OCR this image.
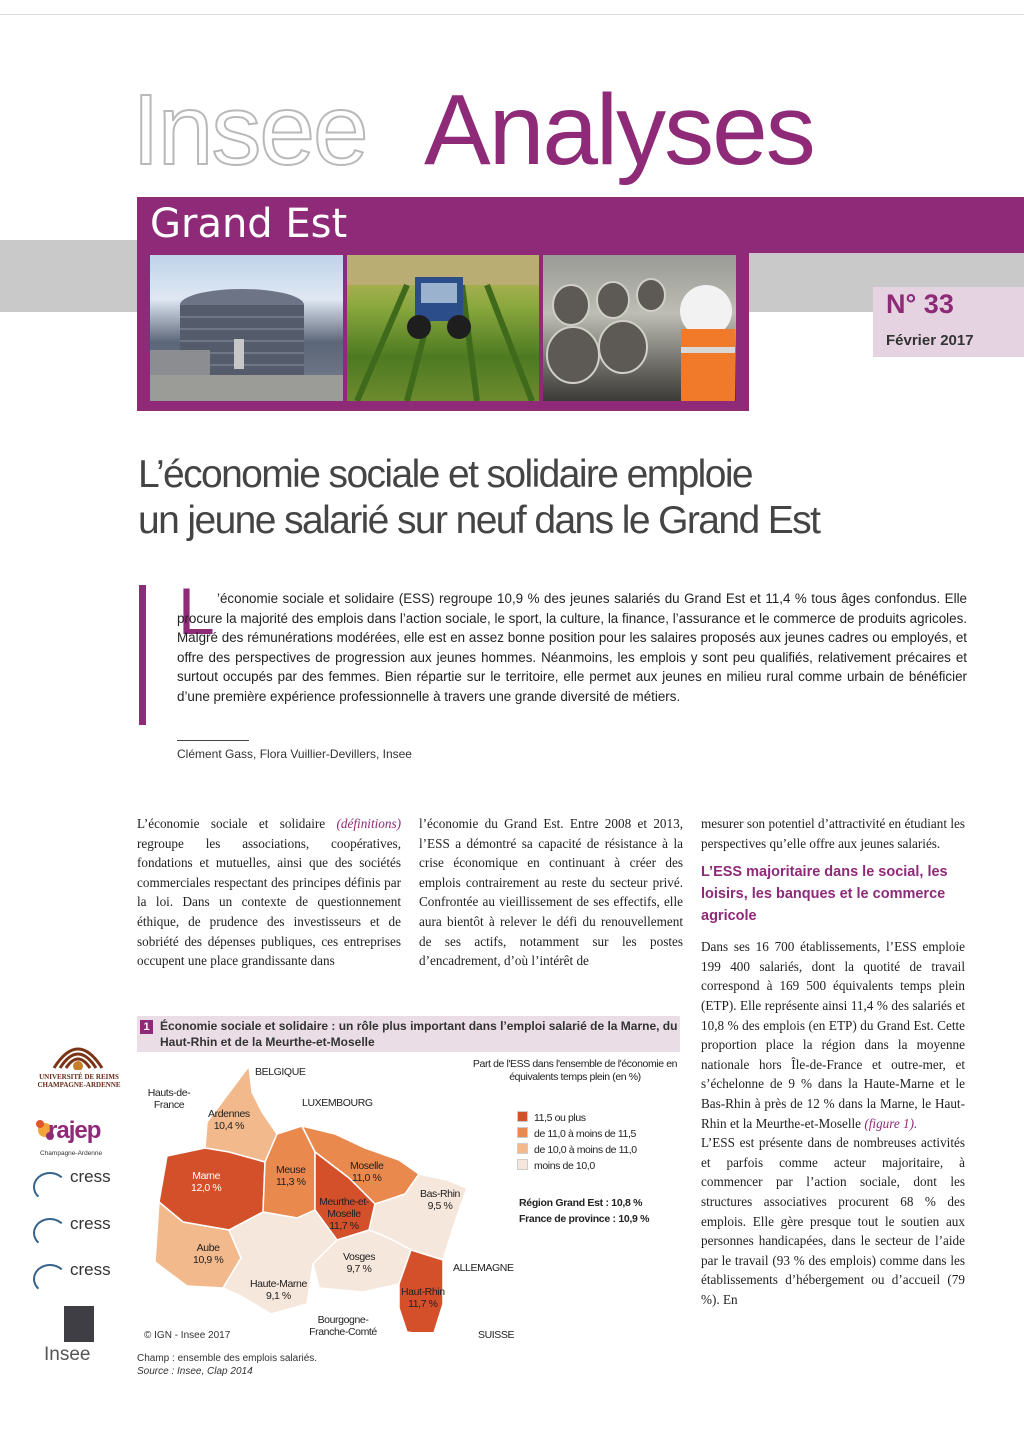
Insee Analyses
Grand Est
N° 33
Février 2017
L’économie sociale et solidaire emploie
un jeune salarié sur neuf dans le Grand Est
L ’économie sociale et solidaire (ESS) regroupe 10,9 % des jeunes salariés du Grand Est et 11,4 % tous âges confondus. Elle procure la majorité des emplois dans l’action sociale, le sport, la culture, la finance, l’assurance et le commerce de produits agricoles. Malgré des rémunérations modérées, elle est en assez bonne position pour les salaires proposés aux jeunes cadres ou employés, et offre des perspectives de progression aux jeunes hommes. Néanmoins, les emplois y sont peu qualifiés, relativement précaires et surtout occupés par des femmes. Bien répartie sur le territoire, elle permet aux jeunes en milieu rural comme urbain de bénéficier d’une première expérience professionnelle à travers une grande diversité de métiers.
Clément Gass, Flora Vuillier-Devillers, Insee

L’économie sociale et solidaire (définitions) regroupe les associations, coopératives, fondations et mutuelles, ainsi que des sociétés commerciales respectant des principes définis par la loi. Dans un contexte de questionnement éthique, de prudence des investisseurs et de sobriété des dépenses publiques, ces entreprises occupent une place grandissante dans

l’économie du Grand Est. Entre 2008 et 2013, l’ESS a démontré sa capacité de résistance à la crise économique en continuant à créer des emplois contrairement au reste du secteur privé. Confrontée au vieillissement de ses effectifs, elle aura bientôt à relever le défi du renouvellement de ses actifs, notamment sur les postes d’encadrement, d’où l’intérêt de

mesurer son potentiel d’attractivité en étudiant les perspectives qu’elle offre aux jeunes salariés.

L’ESS majoritaire dans le social, les loisirs, les banques et le commerce agricole

Dans ses 16 700 établissements, l’ESS emploie 199 400 salariés, dont la quotité de travail correspond à 169 500 équivalents temps plein (ETP). Elle représente ainsi 11,4 % des salariés et 10,8 % des emplois (en ETP) du Grand Est. Cette proportion place la région dans la moyenne nationale hors Île-de-France et outre-mer, et s’échelonne de 9 % dans la Haute-Marne et le Bas-Rhin à près de 12 % dans la Marne, le Haut-Rhin et la Meurthe-et-Moselle (figure 1).

L’ESS est présente dans de nombreuses activités et parfois comme acteur majoritaire, à commencer par l’action sociale, dont les structures associatives procurent 68 % des emplois. Elle gère presque tout le soutien aux personnes handicapées, dans le secteur de l’aide par le travail (93 % des emplois) comme dans les établissements d’hébergement ou d’accueil (79 %). En

1 Économie sociale et solidaire : un rôle plus important dans l’emploi salarié de la Marne, du Haut-Rhin et de la Meurthe-et-Moselle
Hauts-de-France
BELGIQUE
LUXEMBOURG
Ardennes
10,4 %
Marne
12,0 %
Meuse
11,3 %
Moselle
11,0 %
Meurthe-et-Moselle
11,7 %
Bas-Rhin
9,5 %
Aube
10,9 %
Haute-Marne
9,1 %
Vosges
9,7 %
Haut-Rhin
11,7 %
ALLEMAGNE
SUISSE
Bourgogne-Franche-Comté
Part de l'ESS dans l'ensemble de l'économie en équivalents temps plein (en %)
11,5 ou plus
de 11,0 à moins de 11,5
de 10,0 à moins de 11,0
moins de 10,0
Région Grand Est : 10,8 %
France de province : 10,9 %
© IGN - Insee 2017
Champ : ensemble des emplois salariés.
Source : Insee, Clap 2014
UNIVERSITÉ DE REIMS CHAMPAGNE-ARDENNE
rajep
Champagne-Ardenne
cress
cress
cress
Insee
